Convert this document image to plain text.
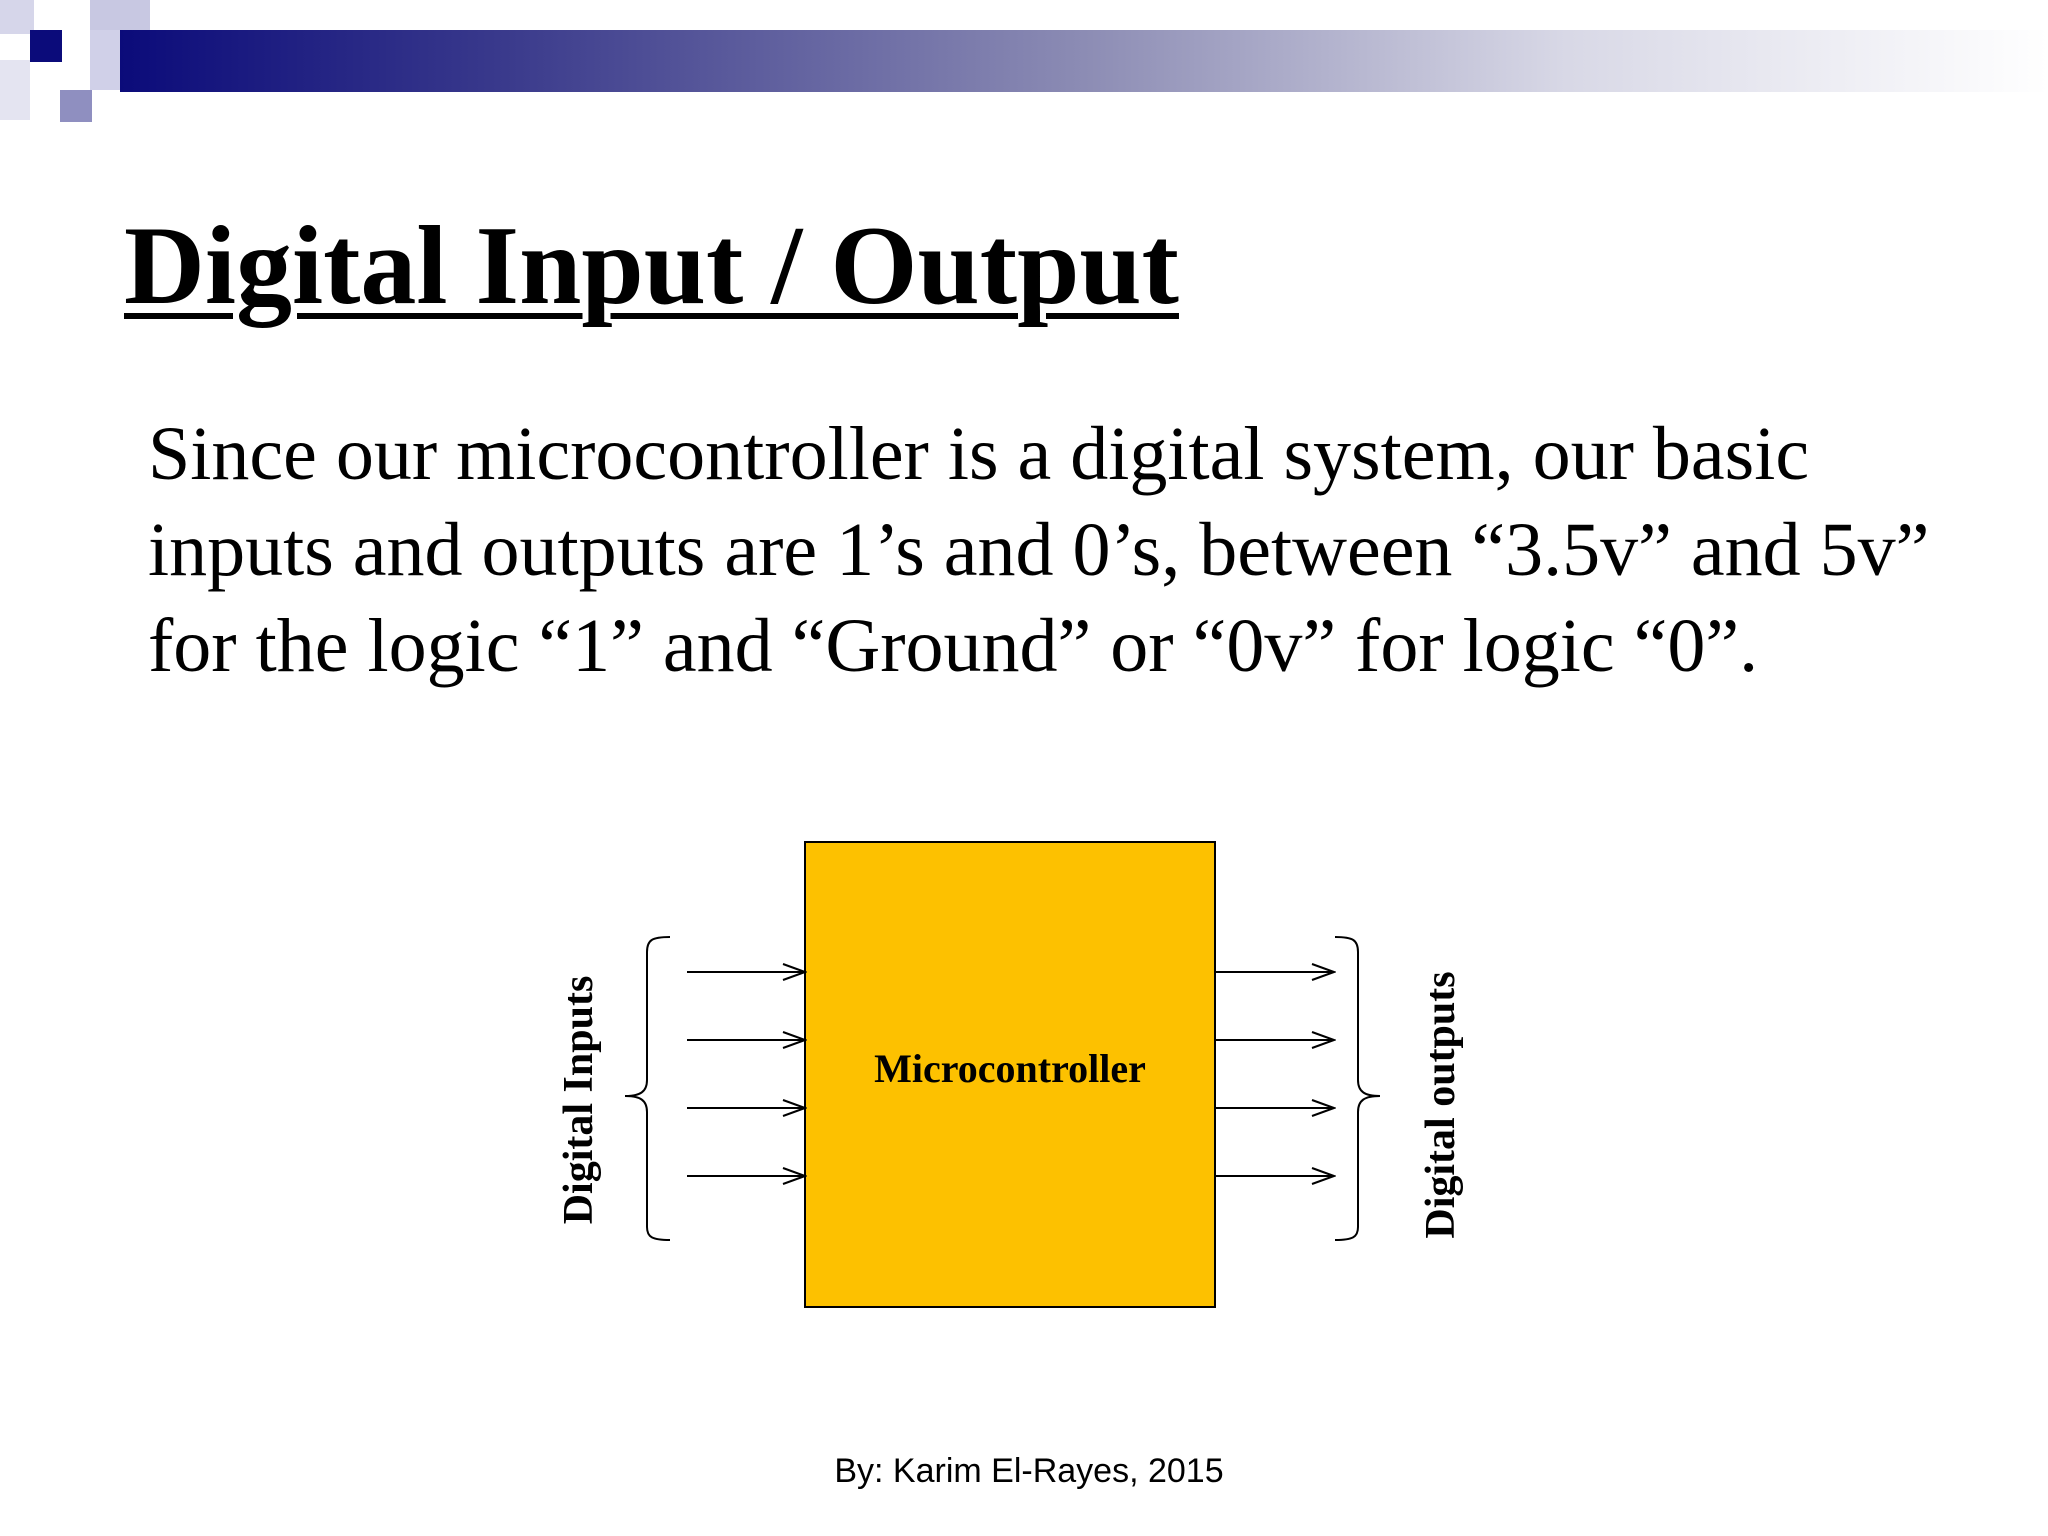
Digital Input / Output

Since our microcontroller is a digital system, our basic inputs and outputs are 1’s and 0’s, between “3.5v” and 5v” for the logic “1” and “Ground” or “0v” for logic “0”.

Microcontroller
Digital Inputs	Digital outputs
By: Karim El-Rayes, 2015
